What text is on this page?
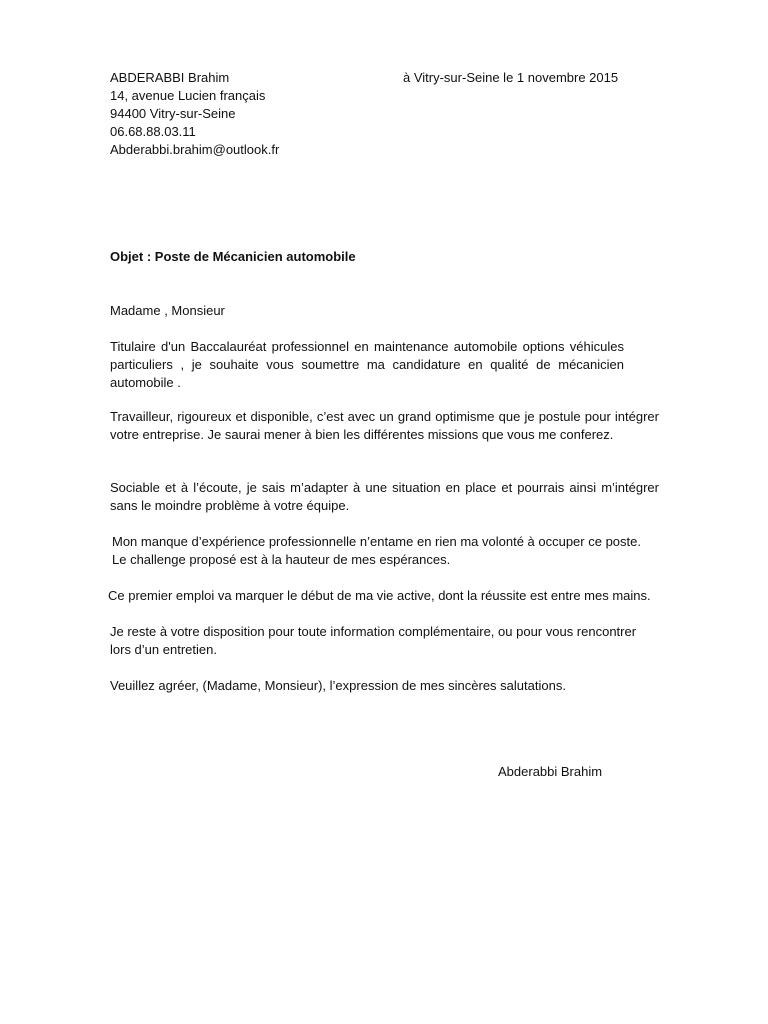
ABDERABBI Brahim
14, avenue Lucien français
94400 Vitry-sur-Seine
06.68.88.03.11
Abderabbi.brahim@outlook.fr
à Vitry-sur-Seine le 1 novembre 2015
Objet : Poste de Mécanicien automobile
Madame , Monsieur
Titulaire d'un Baccalauréat professionnel en maintenance automobile options véhicules particuliers , je souhaite vous soumettre ma candidature en qualité de mécanicien automobile .
Travailleur, rigoureux et disponible, c’est avec un grand optimisme que je postule pour intégrer votre entreprise. Je saurai mener à bien les différentes missions que vous me conferez.
Sociable et à l’écoute, je sais m’adapter à une situation en place et pourrais ainsi m’intégrer sans le moindre problème à votre équipe.
Mon manque d’expérience professionnelle n’entame en rien ma volonté à occuper ce poste.
Le challenge proposé est à la hauteur de mes espérances.
Ce premier emploi va marquer le début de ma vie active, dont la réussite est entre mes mains.
Je reste à votre disposition pour toute information complémentaire, ou pour vous rencontrer lors d’un entretien.
Veuillez agréer, (Madame, Monsieur), l’expression de mes sincères salutations.
Abderabbi Brahim
